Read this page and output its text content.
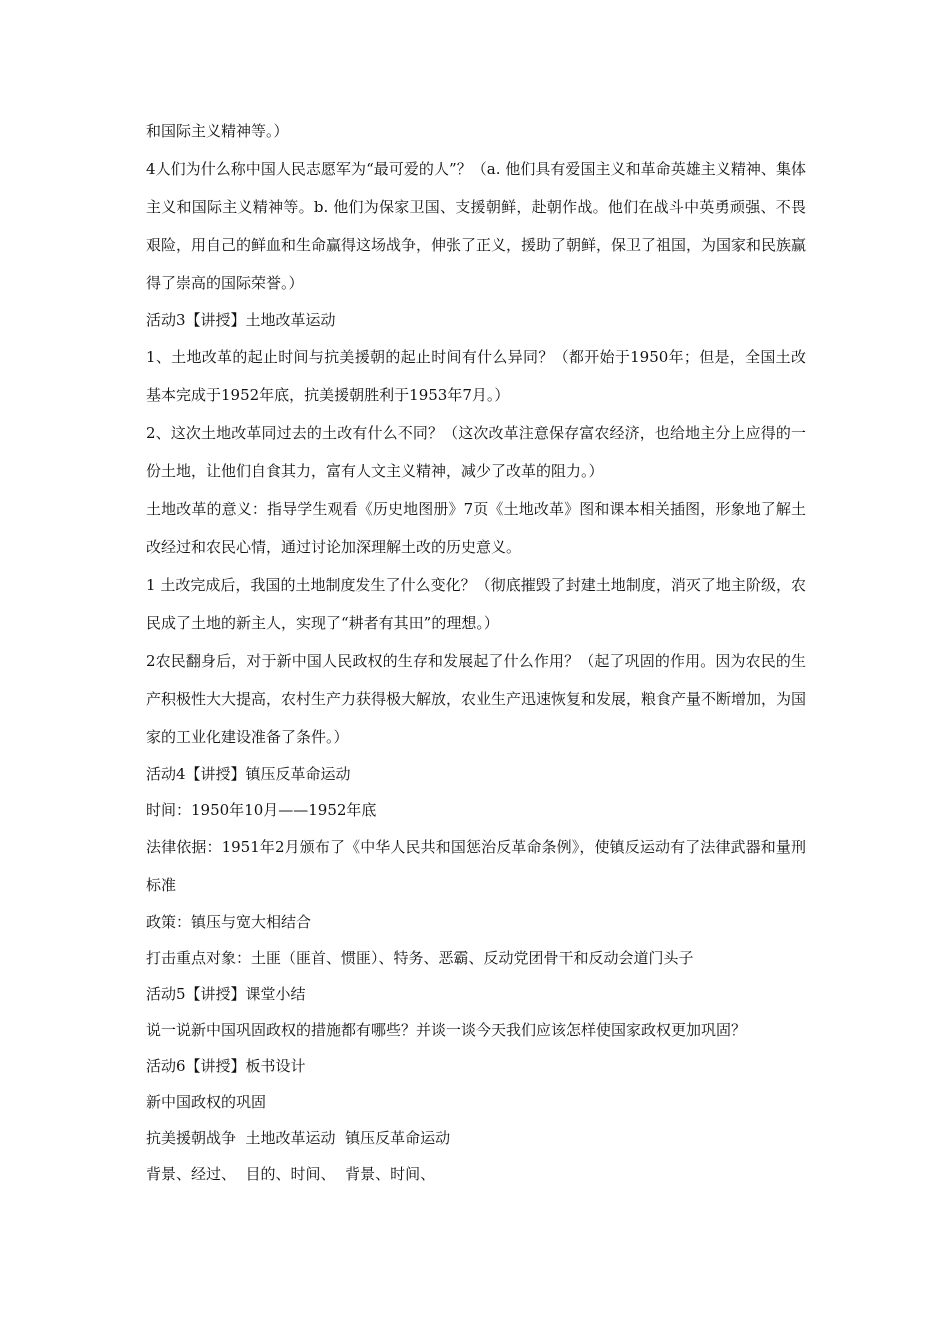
和国际主义精神等。）

4人们为什么称中国人民志愿军为“最可爱的人”？（a. 他们具有爱国主义和革命英雄主义精神、集体主义和国际主义精神等。b. 他们为保家卫国、支援朝鲜，赴朝作战。他们在战斗中英勇顽强、不畏艰险，用自己的鲜血和生命赢得这场战争，伸张了正义，援助了朝鲜，保卫了祖国，为国家和民族赢得了崇高的国际荣誉。）

活动3【讲授】土地改革运动

1、土地改革的起止时间与抗美援朝的起止时间有什么异同？（都开始于1950年；但是，全国土改基本完成于1952年底，抗美援朝胜利于1953年7月。）

2、这次土地改革同过去的土改有什么不同？（这次改革注意保存富农经济，也给地主分上应得的一份土地，让他们自食其力，富有人文主义精神，减少了改革的阻力。）

土地改革的意义：指导学生观看《历史地图册》7页《土地改革》图和课本相关插图，形象地了解土改经过和农民心情，通过讨论加深理解土改的历史意义。

1 土改完成后，我国的土地制度发生了什么变化？（彻底摧毁了封建土地制度，消灭了地主阶级，农民成了土地的新主人，实现了“耕者有其田”的理想。）

2农民翻身后，对于新中国人民政权的生存和发展起了什么作用？（起了巩固的作用。因为农民的生产积极性大大提高，农村生产力获得极大解放，农业生产迅速恢复和发展，粮食产量不断增加，为国家的工业化建设准备了条件。）

活动4【讲授】镇压反革命运动

时间：1950年10月——1952年底

法律依据：1951年2月颁布了《中华人民共和国惩治反革命条例》，使镇反运动有了法律武器和量刑标准

政策：镇压与宽大相结合

打击重点对象：土匪（匪首、惯匪）、特务、恶霸、反动党团骨干和反动会道门头子

活动5【讲授】课堂小结

说一说新中国巩固政权的措施都有哪些？并谈一谈今天我们应该怎样使国家政权更加巩固？

活动6【讲授】板书设计

新中国政权的巩固

抗美援朝战争  土地改革运动  镇压反革命运动

背景、经过、  目的、时间、  背景、时间、
